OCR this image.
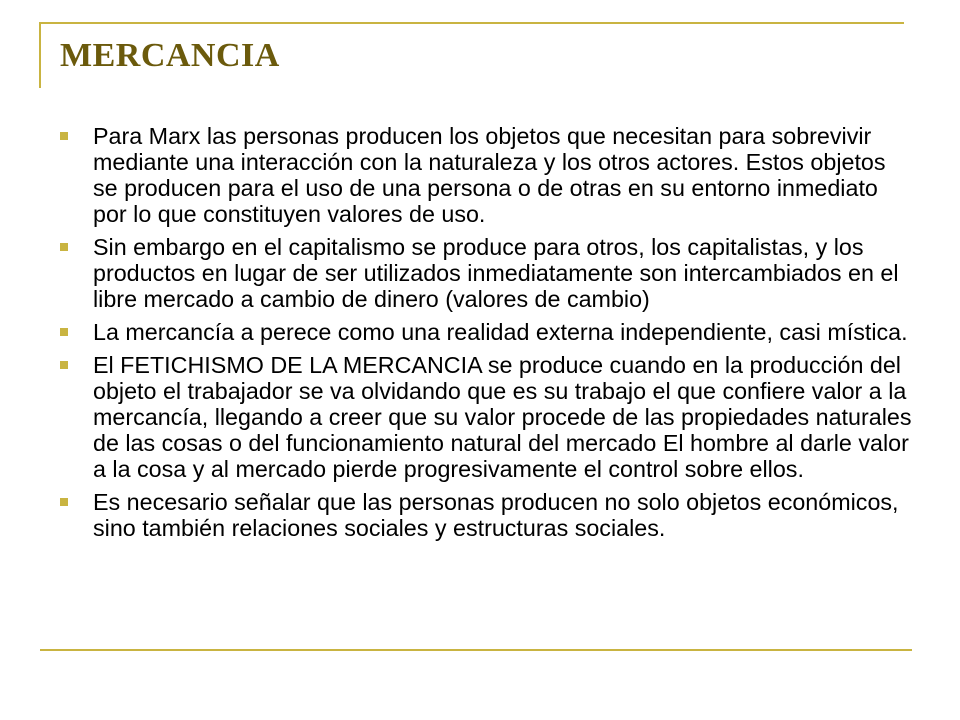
MERCANCIA
Para Marx las personas producen los objetos que necesitan para sobrevivir mediante una interacción con la naturaleza y los otros actores. Estos objetos se producen para el uso de una persona o de otras en su entorno inmediato por lo que constituyen valores de uso.
Sin embargo en el capitalismo se produce para otros, los capitalistas, y los productos en lugar de ser utilizados inmediatamente son intercambiados en el libre mercado a cambio de dinero (valores de cambio)
La mercancía a perece como una realidad externa independiente, casi mística.
El FETICHISMO DE LA MERCANCIA se produce cuando en la producción del objeto el trabajador se va olvidando que es su trabajo el que confiere valor a la mercancía, llegando a creer que su valor procede de las propiedades naturales de las cosas o del funcionamiento natural del mercado El hombre al darle valor a la cosa y al mercado pierde progresivamente el control sobre ellos.
Es necesario señalar que las personas producen no solo objetos económicos, sino también relaciones sociales y estructuras sociales.
